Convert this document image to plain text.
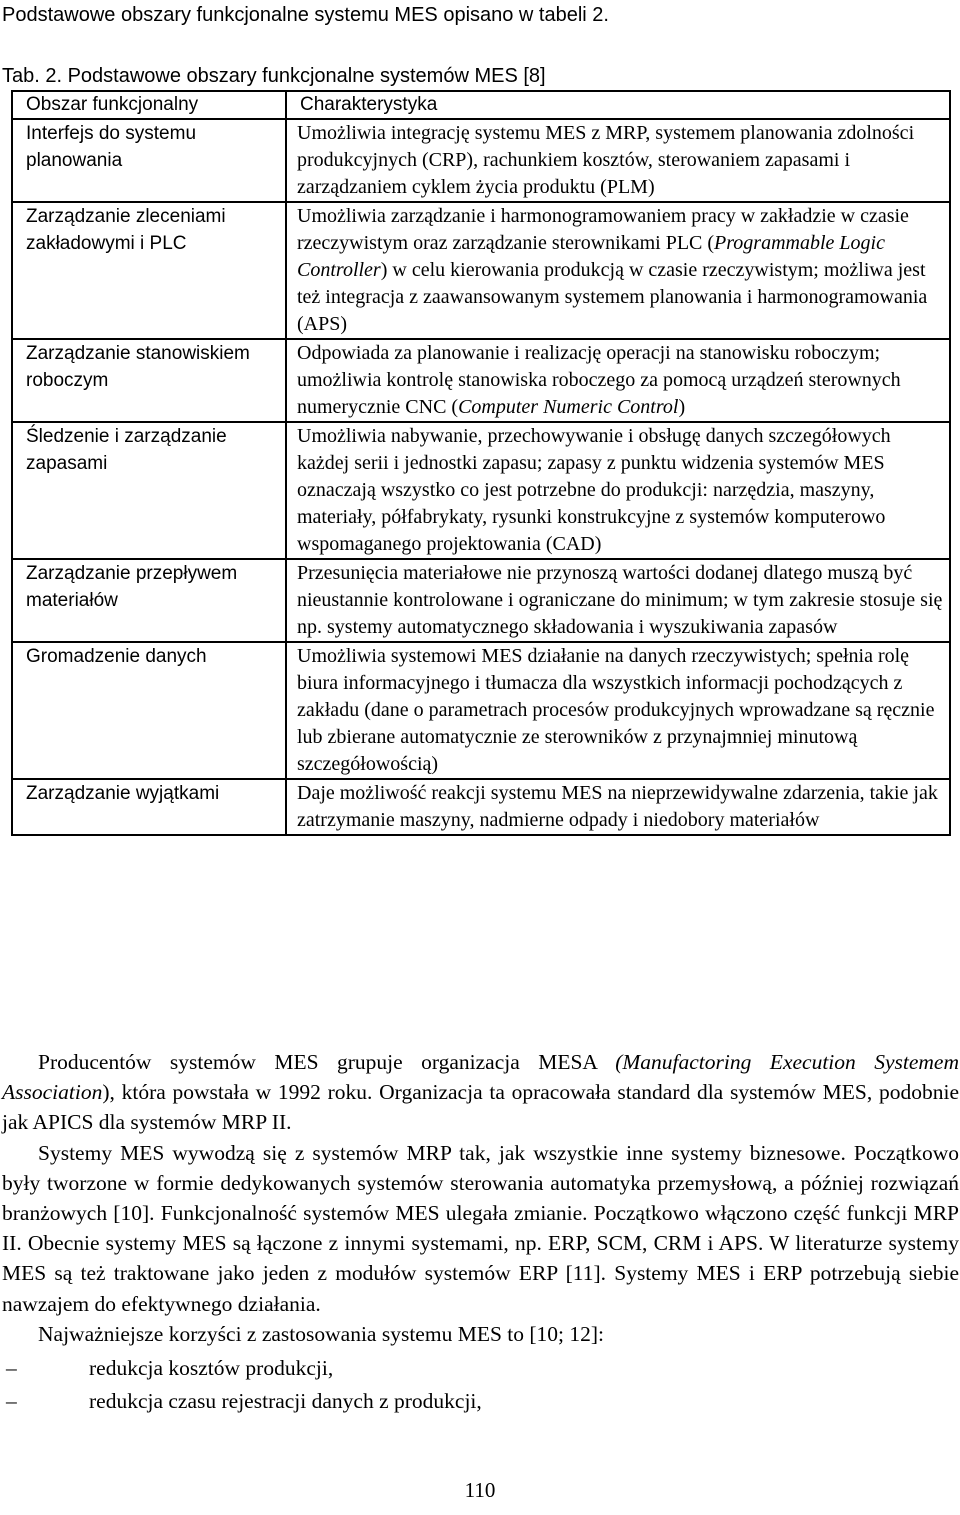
Podstawowe obszary funkcjonalne systemu MES opisano w tabeli 2.
Tab. 2. Podstawowe obszary funkcjonalne systemów MES [8]
Obszar funkcjonalny	Charakterystyka
Interfejs do systemu planowania	Umożliwia integrację systemu MES z MRP, systemem planowania zdolności produkcyjnych (CRP), rachunkiem kosztów, sterowaniem zapasami i zarządzaniem cyklem życia produktu (PLM)
Zarządzanie zleceniami zakładowymi i PLC	Umożliwia zarządzanie i harmonogramowaniem pracy w zakładzie w czasie rzeczywistym oraz zarządzanie sterownikami PLC (Programmable Logic Controller) w celu kierowania produkcją w czasie rzeczywistym; możliwa jest też integracja z zaawansowanym systemem planowania i harmonogramowania (APS)
Zarządzanie stanowiskiem roboczym	Odpowiada za planowanie i realizację operacji na stanowisku roboczym; umożliwia kontrolę stanowiska roboczego za pomocą urządzeń sterownych numerycznie CNC (Computer Numeric Control)
Śledzenie i zarządzanie zapasami	Umożliwia nabywanie, przechowywanie i obsługę danych szczegółowych każdej serii i jednostki zapasu; zapasy z punktu widzenia systemów MES oznaczają wszystko co jest potrzebne do produkcji: narzędzia, maszyny, materiały, półfabrykaty, rysunki konstrukcyjne z systemów komputerowo wspomaganego projektowania (CAD)
Zarządzanie przepływem materiałów	Przesunięcia materiałowe nie przynoszą wartości dodanej dlatego muszą być nieustannie kontrolowane i ograniczane do minimum; w tym zakresie stosuje się np. systemy automatycznego składowania i wyszukiwania zapasów
Gromadzenie danych	Umożliwia systemowi MES działanie na danych rzeczywistych; spełnia rolę biura informacyjnego i tłumacza dla wszystkich informacji pochodzących z zakładu (dane o parametrach procesów produkcyjnych wprowadzane są ręcznie lub zbierane automatycznie ze sterowników z przynajmniej minutową szczegółowością)
Zarządzanie wyjątkami	Daje możliwość reakcji systemu MES na nieprzewidywalne zdarzenia, takie jak zatrzymanie maszyny, nadmierne odpady i niedobory materiałów

Producentów systemów MES grupuje organizacja MESA (Manufactoring Execution Systemem Association), która powstała w 1992 roku. Organizacja ta opracowała standard dla systemów MES, podobnie jak APICS dla systemów MRP II.

Systemy MES wywodzą się z systemów MRP tak, jak wszystkie inne systemy biznesowe. Początkowo były tworzone w formie dedykowanych systemów sterowania automatyka przemysłową, a później rozwiązań branżowych [10]. Funkcjonalność systemów MES ulegała zmianie. Początkowo włączono część funkcji MRP II. Obecnie systemy MES są łączone z innymi systemami, np. ERP, SCM, CRM i APS. W literaturze systemy MES są też traktowane jako jeden z modułów systemów ERP [11]. Systemy MES i ERP potrzebują siebie nawzajem do efektywnego działania.

Najważniejsze korzyści z zastosowania systemu MES to [10; 12]:

–	redukcja kosztów produkcji,
–	redukcja czasu rejestracji danych z produkcji,
110
